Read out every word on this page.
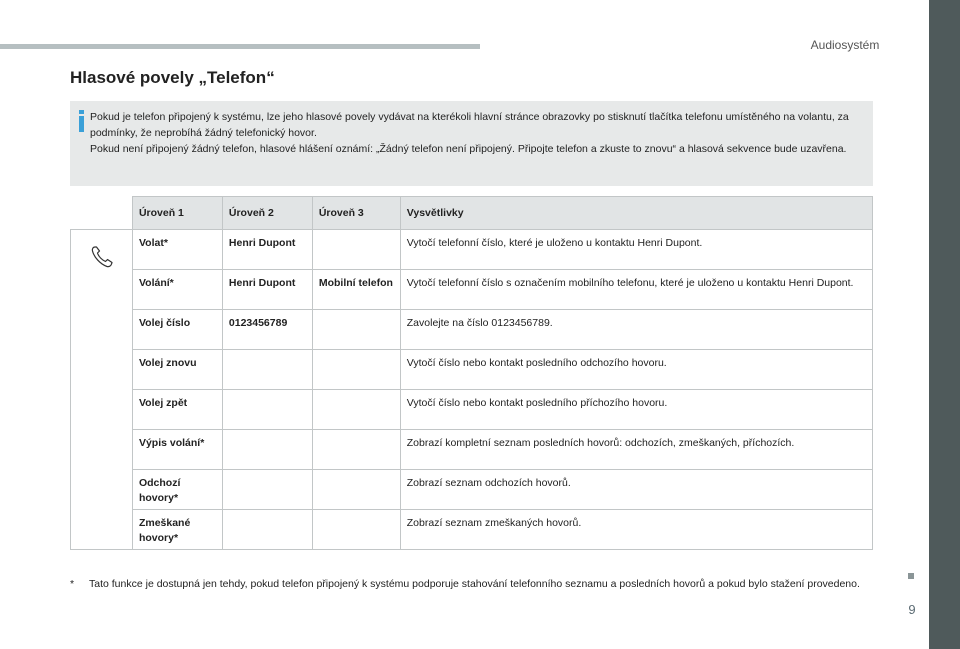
Audiosystém
9
Hlasové povely „Telefon“

Pokud je telefon připojený k systému, lze jeho hlasové povely vydávat na kterékoli hlavní stránce obrazovky po stisknutí tlačítka telefonu umístěného na volantu, za podmínky, že neprobíhá žádný telefonický hovor.

Pokud není připojený žádný telefon, hlasové hlášení oznámí: „Žádný telefon není připojený. Připojte telefon a zkuste to znovu“ a hlasová sekvence bude uzavřena.

	Úroveň 1	Úroveň 2	Úroveň 3	Vysvětlivky
	Volat*	Henri Dupont		Vytočí telefonní číslo, které je uloženo u kontaktu Henri Dupont.
	Volání*	Henri Dupont	Mobilní telefon	Vytočí telefonní číslo s označením mobilního telefonu, které je uloženo u kontaktu Henri Dupont.
	Volej číslo	0123456789		Zavolejte na číslo 0123456789.
	Volej znovu			Vytočí číslo nebo kontakt posledního odchozího hovoru.
	Volej zpět			Vytočí číslo nebo kontakt posledního příchozího hovoru.
	Výpis volání*			Zobrazí kompletní seznam posledních hovorů: odchozích, zmeškaných, příchozích.
	Odchozí hovory*			Zobrazí seznam odchozích hovorů.
	Zmeškané hovory*			Zobrazí seznam zmeškaných hovorů.
* Tato funkce je dostupná jen tehdy, pokud telefon připojený k systému podporuje stahování telefonního seznamu a posledních hovorů a pokud bylo stažení provedeno.
